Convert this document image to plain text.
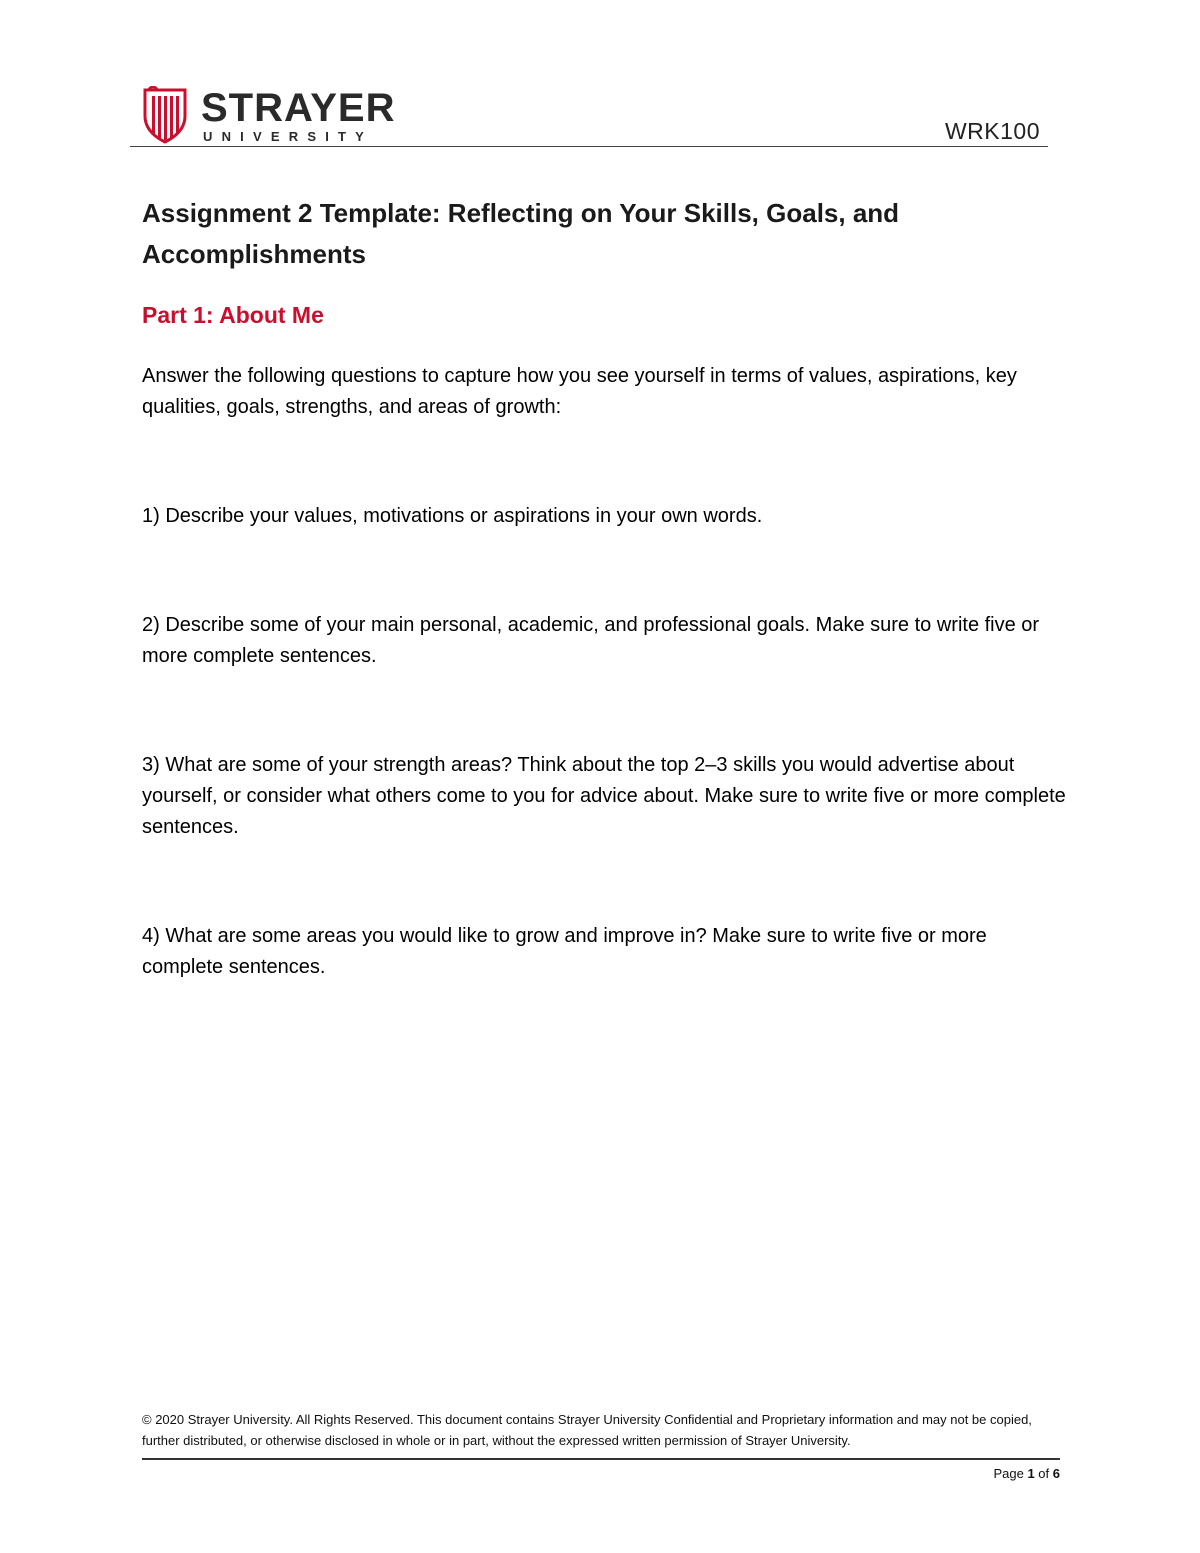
STRAYER
UNIVERSITY	WRK100
Assignment 2 Template: Reflecting on Your Skills, Goals, and Accomplishments
Part 1: About Me

Answer the following questions to capture how you see yourself in terms of values, aspirations, key qualities, goals, strengths, and areas of growth:

1) Describe your values, motivations or aspirations in your own words.

2) Describe some of your main personal, academic, and professional goals. Make sure to write five or more complete sentences.

3) What are some of your strength areas? Think about the top 2–3 skills you would advertise about yourself, or consider what others come to you for advice about. Make sure to write five or more complete sentences.

4) What are some areas you would like to grow and improve in? Make sure to write five or more complete sentences.

© 2020 Strayer University. All Rights Reserved. This document contains Strayer University Confidential and Proprietary information and may not be copied, further distributed, or otherwise disclosed in whole or in part, without the expressed written permission of Strayer University.

Page 1 of 6
